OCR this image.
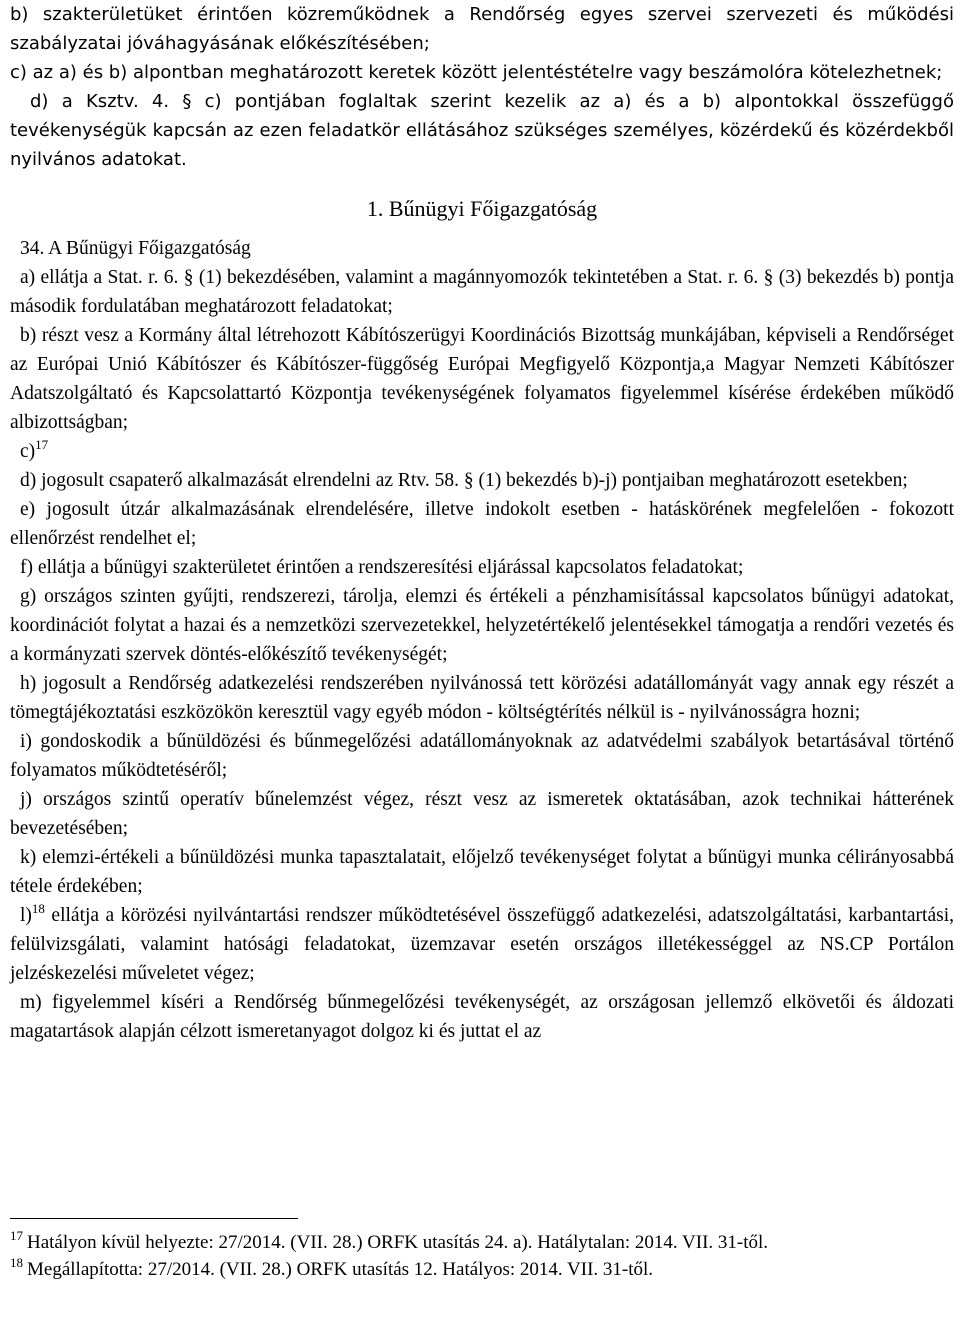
b) szakterületüket érintően közreműködnek a Rendőrség egyes szervei szervezeti és működési szabályzatai jóváhagyásának előkészítésében;

c) az a) és b) alpontban meghatározott keretek között jelentéstételre vagy beszámolóra kötelezhetnek;

d) a Ksztv. 4. § c) pontjában foglaltak szerint kezelik az a) és a b) alpontokkal összefüggő tevékenységük kapcsán az ezen feladatkör ellátásához szükséges személyes, közérdekű és közérdekből nyilvános adatokat.

1. Bűnügyi Főigazgatóság

34. A Bűnügyi Főigazgatóság

a) ellátja a Stat. r. 6. § (1) bekezdésében, valamint a magánnyomozók tekintetében a Stat. r. 6. § (3) bekezdés b) pontja második fordulatában meghatározott feladatokat;

b) részt vesz a Kormány által létrehozott Kábítószerügyi Koordinációs Bizottság munkájában, képviseli a Rendőrséget az Európai Unió Kábítószer és Kábítószer-függőség Európai Megfigyelő Központja,a Magyar Nemzeti Kábítószer Adatszolgáltató és Kapcsolattartó Központja tevékenységének folyamatos figyelemmel kísérése érdekében működő albizottságban;

c)$^{17}$

d) jogosult csapaterő alkalmazását elrendelni az Rtv. 58. § (1) bekezdés b)-j) pontjaiban meghatározott esetekben;

e) jogosult útzár alkalmazásának elrendelésére, illetve indokolt esetben - hatáskörének megfelelően - fokozott ellenőrzést rendelhet el;

f) ellátja a bűnügyi szakterületet érintően a rendszeresítési eljárással kapcsolatos feladatokat;

g) országos szinten gyűjti, rendszerezi, tárolja, elemzi és értékeli a pénzhamisítással kapcsolatos bűnügyi adatokat, koordinációt folytat a hazai és a nemzetközi szervezetekkel, helyzetértékelő jelentésekkel támogatja a rendőri vezetés és a kormányzati szervek döntés-előkészítő tevékenységét;

h) jogosult a Rendőrség adatkezelési rendszerében nyilvánossá tett körözési adatállományát vagy annak egy részét a tömegtájékoztatási eszközökön keresztül vagy egyéb módon - költségtérítés nélkül is - nyilvánosságra hozni;

i) gondoskodik a bűnüldözési és bűnmegelőzési adatállományoknak az adatvédelmi szabályok betartásával történő folyamatos működtetéséről;

j) országos szintű operatív bűnelemzést végez, részt vesz az ismeretek oktatásában, azok technikai hátterének bevezetésében;

k) elemzi-értékeli a bűnüldözési munka tapasztalatait, előjelző tevékenységet folytat a bűnügyi munka célirányosabbá tétele érdekében;

l)$^{18}$ ellátja a körözési nyilvántartási rendszer működtetésével összefüggő adatkezelési, adatszolgáltatási, karbantartási, felülvizsgálati, valamint hatósági feladatokat, üzemzavar esetén országos illetékességgel az NS.CP Portálon jelzéskezelési műveletet végez;

m) figyelemmel kíséri a Rendőrség bűnmegelőzési tevékenységét, az országosan jellemző elkövetői és áldozati magatartások alapján célzott ismeretanyagot dolgoz ki és juttat el az

$^{17}$ Hatályon kívül helyezte: 27/2014. (VII. 28.) ORFK utasítás 24. a). Hatálytalan: 2014. VII. 31-től.

$^{18}$ Megállapította: 27/2014. (VII. 28.) ORFK utasítás 12. Hatályos: 2014. VII. 31-től.
